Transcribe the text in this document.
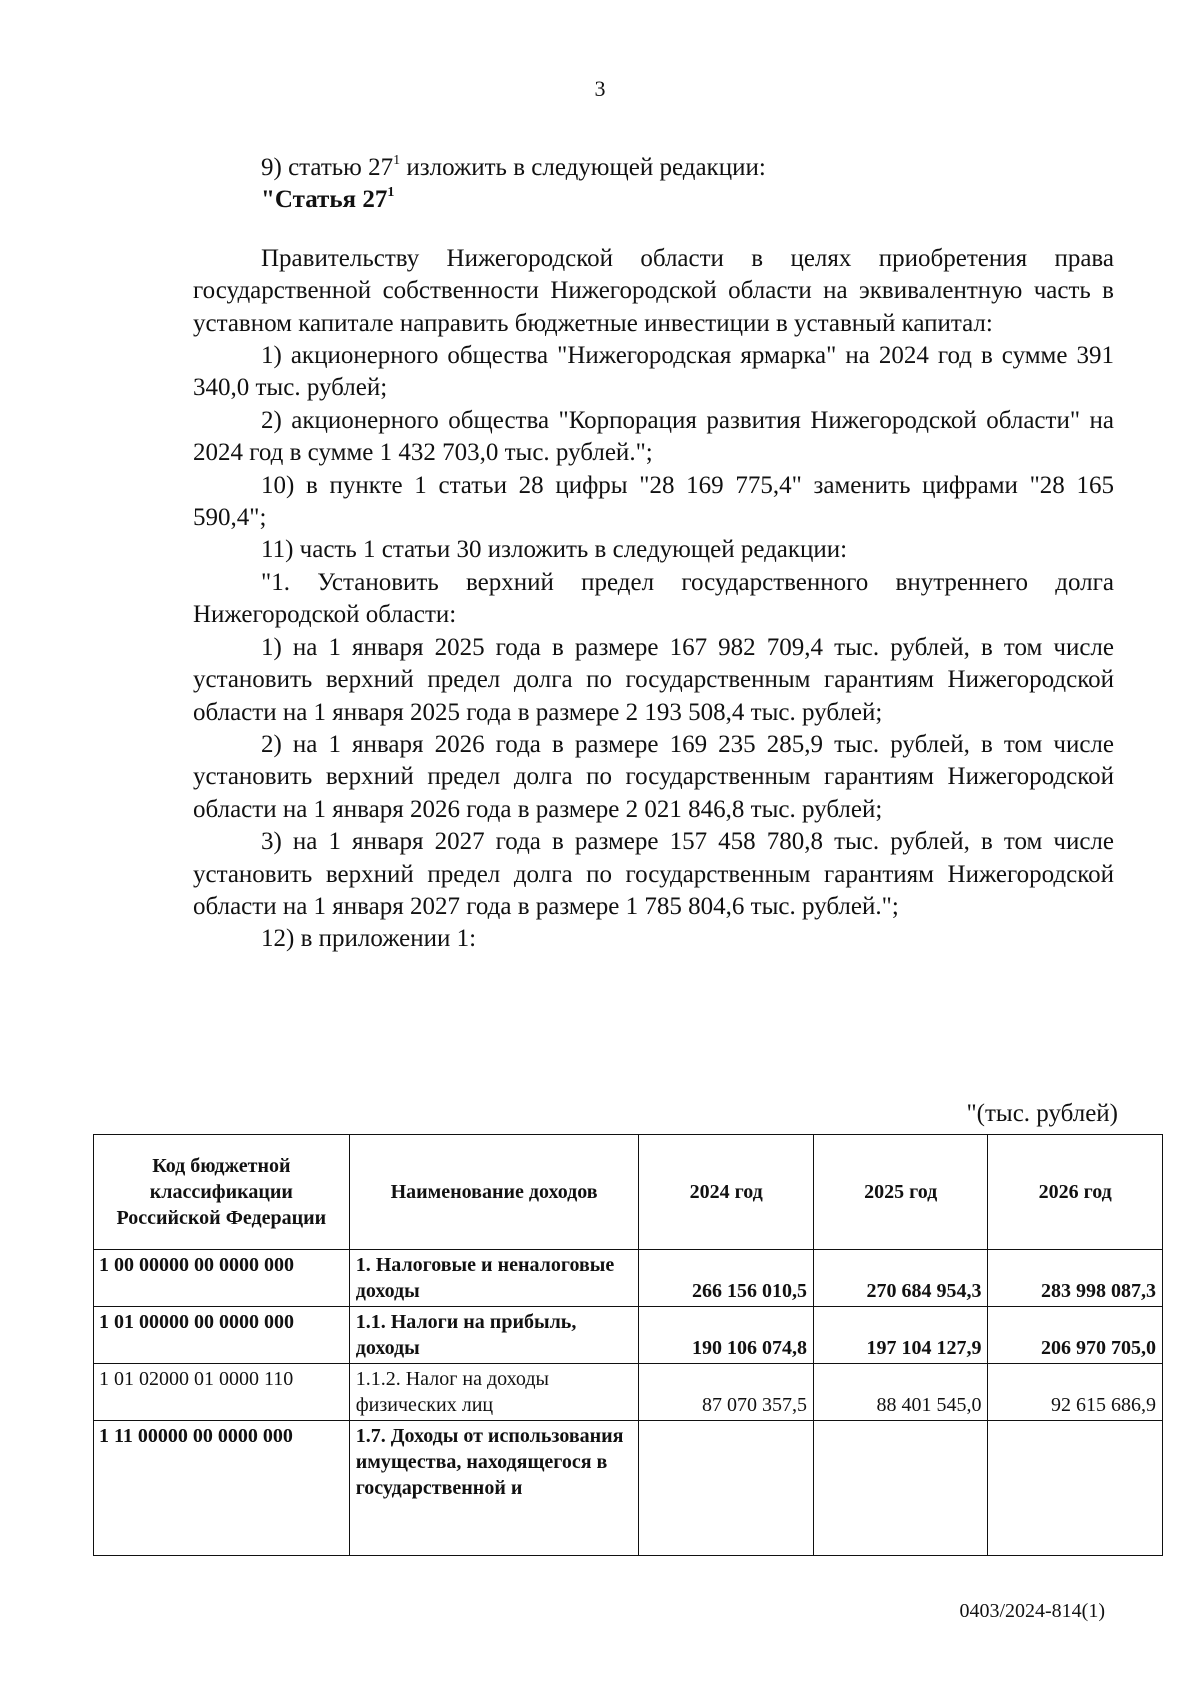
3

9) статью $27^1$ изложить в следующей редакции:

"Статья $27^1$

Правительству Нижегородской области в целях приобретения права государственной собственности Нижегородской области на эквивалентную часть в уставном капитале направить бюджетные инвестиции в уставный капитал:

1) акционерного общества "Нижегородская ярмарка" на 2024 год в сумме 391 340,0 тыс. рублей;

2) акционерного общества "Корпорация развития Нижегородской области" на 2024 год в сумме 1 432 703,0 тыс. рублей.";

10) в пункте 1 статьи 28 цифры "28 169 775,4" заменить цифрами "28 165 590,4";

11) часть 1 статьи 30 изложить в следующей редакции:

"1. Установить верхний предел государственного внутреннего долга Нижегородской области:

1) на 1 января 2025 года в размере 167 982 709,4 тыс. рублей, в том числе установить верхний предел долга по государственным гарантиям Нижегородской области на 1 января 2025 года в размере 2 193 508,4 тыс. рублей;

2) на 1 января 2026 года в размере 169 235 285,9 тыс. рублей, в том числе установить верхний предел долга по государственным гарантиям Нижегородской области на 1 января 2026 года в размере 2 021 846,8 тыс. рублей;

3) на 1 января 2027 года в размере 157 458 780,8 тыс. рублей, в том числе установить верхний предел долга по государственным гарантиям Нижегородской области на 1 января 2027 года в размере 1 785 804,6 тыс. рублей.";

12) в приложении 1:

"(тыс. рублей)
Код бюджетной классификации Российской Федерации	Наименование доходов	2024 год	2025 год	2026 год
1 00 00000 00 0000 000	1. Налоговые и неналоговые доходы	266 156 010,5	270 684 954,3	283 998 087,3
1 01 00000 00 0000 000	1.1. Налоги на прибыль, доходы	190 106 074,8	197 104 127,9	206 970 705,0
1 01 02000 01 0000 110	1.1.2. Налог на доходы физических лиц	87 070 357,5	88 401 545,0	92 615 686,9
1 11 00000 00 0000 000	1.7. Доходы от использования имущества, находящегося в государственной и			
0403/2024-814(1)
